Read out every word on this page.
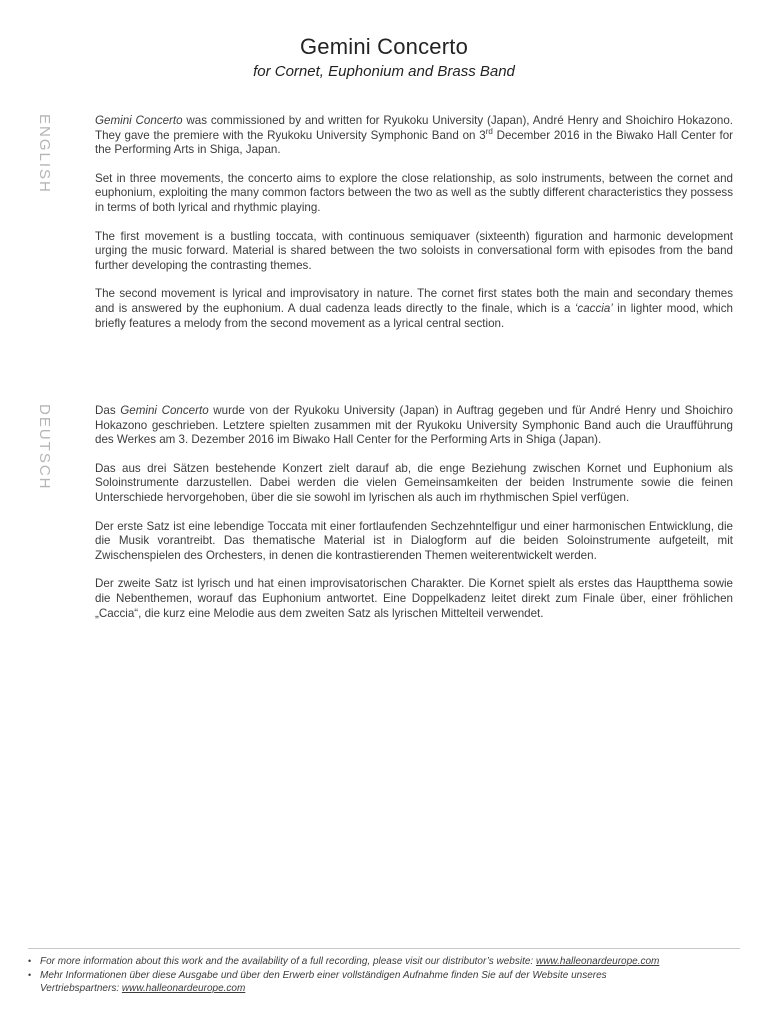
Gemini Concerto
for Cornet, Euphonium and Brass Band
ENGLISH	Gemini Concerto was commissioned by and written for Ryukoku University (Japan), André Henry and Shoichiro Hokazono. They gave the premiere with the Ryukoku University Symphonic Band on 3rd December 2016 in the Biwako Hall Center for the Performing Arts in Shiga, Japan.

Set in three movements, the concerto aims to explore the close relationship, as solo instruments, between the cornet and euphonium, exploiting the many common factors between the two as well as the subtly different characteristics they possess in terms of both lyrical and rhythmic playing.

The first movement is a bustling toccata, with continuous semiquaver (sixteenth) figuration and harmonic development urging the music forward. Material is shared between the two soloists in conversational form with episodes from the band further developing the contrasting themes.

The second movement is lyrical and improvisatory in nature. The cornet first states both the main and secondary themes and is answered by the euphonium. A dual cadenza leads directly to the finale, which is a ‘caccia’ in lighter mood, which briefly features a melody from the second movement as a lyrical central section.

DEUTSCH	Das Gemini Concerto wurde von der Ryukoku University (Japan) in Auftrag gegeben und für André Henry und Shoichiro Hokazono geschrieben. Letztere spielten zusammen mit der Ryukoku University Symphonic Band auch die Uraufführung des Werkes am 3. Dezember 2016 im Biwako Hall Center for the Performing Arts in Shiga (Japan).

Das aus drei Sätzen bestehende Konzert zielt darauf ab, die enge Beziehung zwischen Kornet und Euphonium als Soloinstrumente darzustellen. Dabei werden die vielen Gemeinsamkeiten der beiden Instrumente sowie die feinen Unterschiede hervorgehoben, über die sie sowohl im lyrischen als auch im rhythmischen Spiel verfügen.

Der erste Satz ist eine lebendige Toccata mit einer fortlaufenden Sechzehntelfigur und einer harmonischen Entwicklung, die die Musik vorantreibt. Das thematische Material ist in Dialogform auf die beiden Soloinstrumente aufgeteilt, mit Zwischenspielen des Orchesters, in denen die kontrastierenden Themen weiterentwickelt werden.

Der zweite Satz ist lyrisch und hat einen improvisatorischen Charakter. Die Kornet spielt als erstes das Hauptthema sowie die Nebenthemen, worauf das Euphonium antwortet. Eine Doppelkadenz leitet direkt zum Finale über, einer fröhlichen „Caccia“, die kurz eine Melodie aus dem zweiten Satz als lyrischen Mittelteil verwendet.

• For more information about this work and the availability of a full recording, please visit our distributor’s website: www.halleonardeurope.com
• Mehr Informationen über diese Ausgabe und über den Erwerb einer vollständigen Aufnahme finden Sie auf der Website unseres Vertriebspartners: www.halleonardeurope.com
